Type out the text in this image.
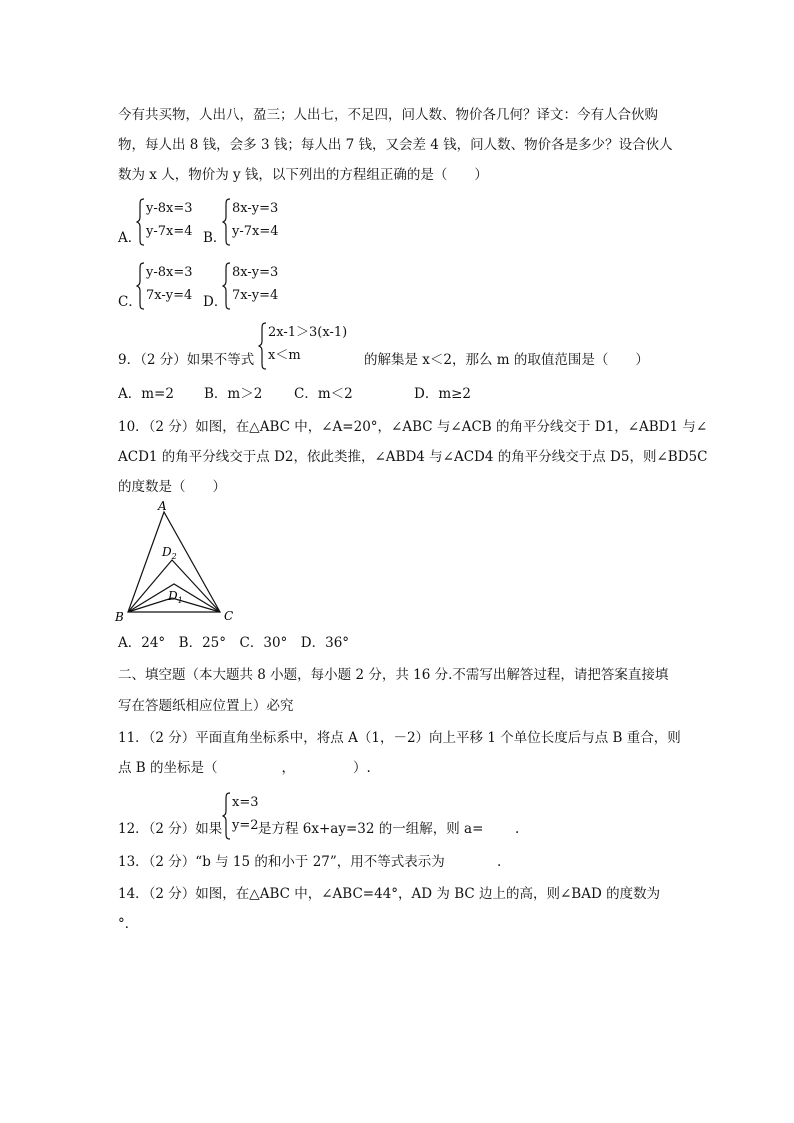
今有共买物，人出八，盈三；人出七，不足四，问人数、物价各几何？译文：今有人合伙购
物，每人出 8 钱，会多 3 钱；每人出 7 钱，又会差 4 钱，问人数、物价各是多少？设合伙人
数为 x 人，物价为 y 钱，以下列出的方程组正确的是（　　）
A．
y-8x=3
y-7x=4 B．
8x-y=3
y-7x=4
C．
y-8x=3
7x-y=4 D．
8x-y=3
7x-y=4
9．（2 分）如果不等式
2x-1＞3(x-1)
x＜m	的解集是 x＜2，那么 m 的取值范围是（　　）
A．m=2 B．m＞2 C．m＜2	D．m≥2
10．（2 分）如图，在△ABC 中，∠A=20°，∠ABC 与∠ACB 的角平分线交于 D1，∠ABD1 与∠
ACD1 的角平分线交于点 D2，依此类推，∠ABD4 与∠ACD4 的角平分线交于点 D5，则∠BD5C
的度数是（　　）
A
B	C
$D_2$
$D_1$
A．24°　B．25°　C．30°　D．36°
二、填空题（本大题共 8 小题，每小题 2 分，共 16 分.不需写出解答过程，请把答案直接填
写在答题纸相应位置上）必究
11．（2 分）平面直角坐标系中，将点 A（1，－2）向上平移 1 个单位长度后与点 B 重合，则
点 B 的坐标是（	，	）.
12．（2 分）如果
x=3
y=2 是方程 6x+ay=32 的一组解，则 a= .
13．（2 分）“b 与 15 的和小于 27”，用不等式表示为	.
14．（2 分）如图，在△ABC 中，∠ABC=44°，AD 为 BC 边上的高，则∠BAD 的度数为
°．
